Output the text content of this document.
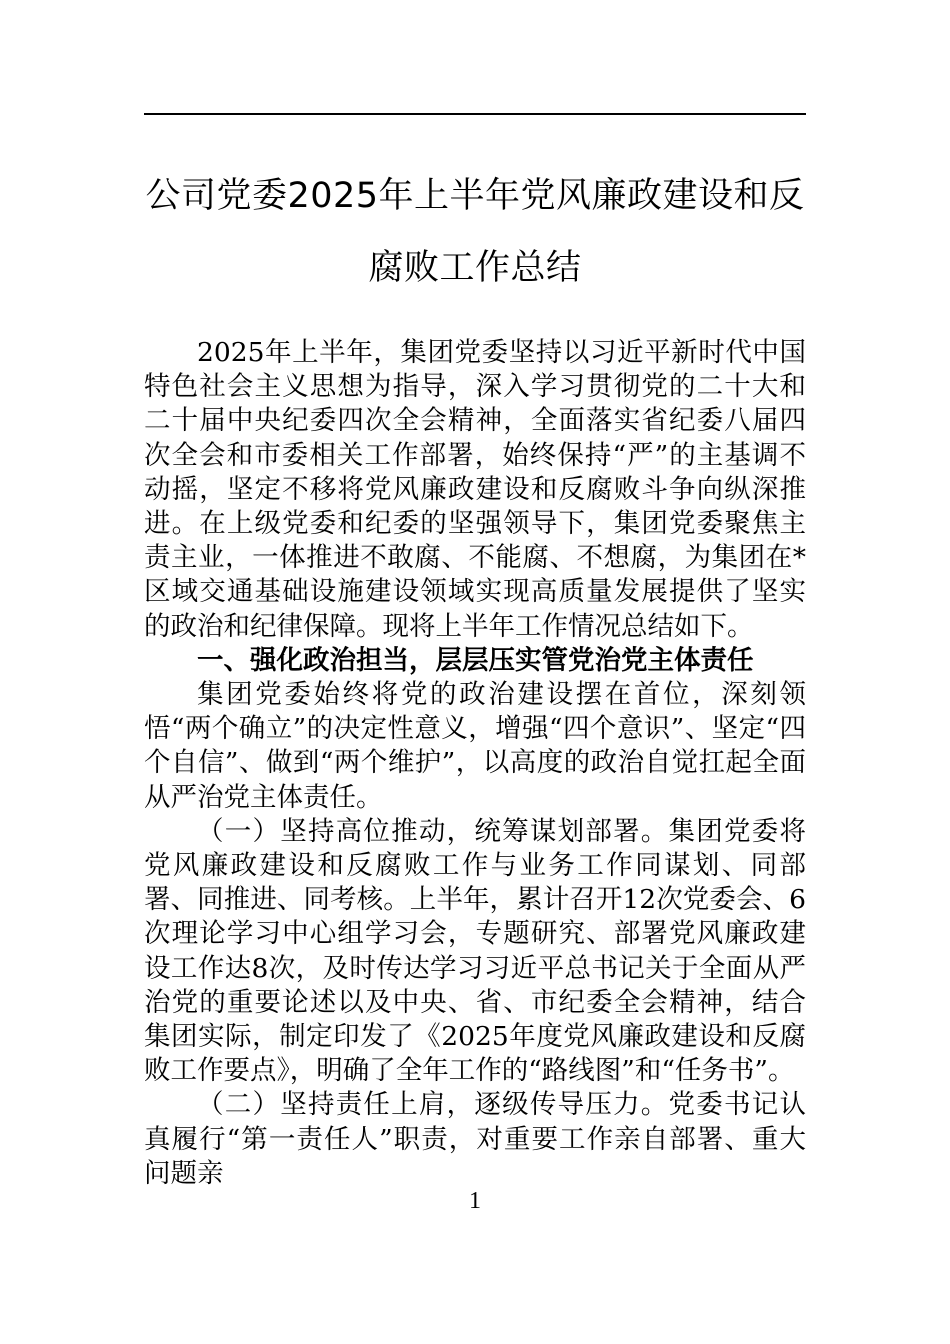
公司党委2025年上半年党风廉政建设和反腐败工作总结

2025年上半年，集团党委坚持以习近平新时代中国特色社会主义思想为指导，深入学习贯彻党的二十大和二十届中央纪委四次全会精神，全面落实省纪委八届四次全会和市委相关工作部署，始终保持“严”的主基调不动摇，坚定不移将党风廉政建设和反腐败斗争向纵深推进。在上级党委和纪委的坚强领导下，集团党委聚焦主责主业，一体推进不敢腐、不能腐、不想腐，为集团在*区域交通基础设施建设领域实现高质量发展提供了坚实的政治和纪律保障。现将上半年工作情况总结如下。

一、强化政治担当，层层压实管党治党主体责任

集团党委始终将党的政治建设摆在首位，深刻领悟“两个确立”的决定性意义，增强“四个意识”、坚定“四个自信”、做到“两个维护”，以高度的政治自觉扛起全面从严治党主体责任。

（一）坚持高位推动，统筹谋划部署。集团党委将党风廉政建设和反腐败工作与业务工作同谋划、同部署、同推进、同考核。上半年，累计召开12次党委会、6次理论学习中心组学习会，专题研究、部署党风廉政建设工作达8次，及时传达学习习近平总书记关于全面从严治党的重要论述以及中央、省、市纪委全会精神，结合集团实际，制定印发了《2025年度党风廉政建设和反腐败工作要点》，明确了全年工作的“路线图”和“任务书”。

（二）坚持责任上肩，逐级传导压力。党委书记认真履行“第一责任人”职责，对重要工作亲自部署、重大问题亲

1
